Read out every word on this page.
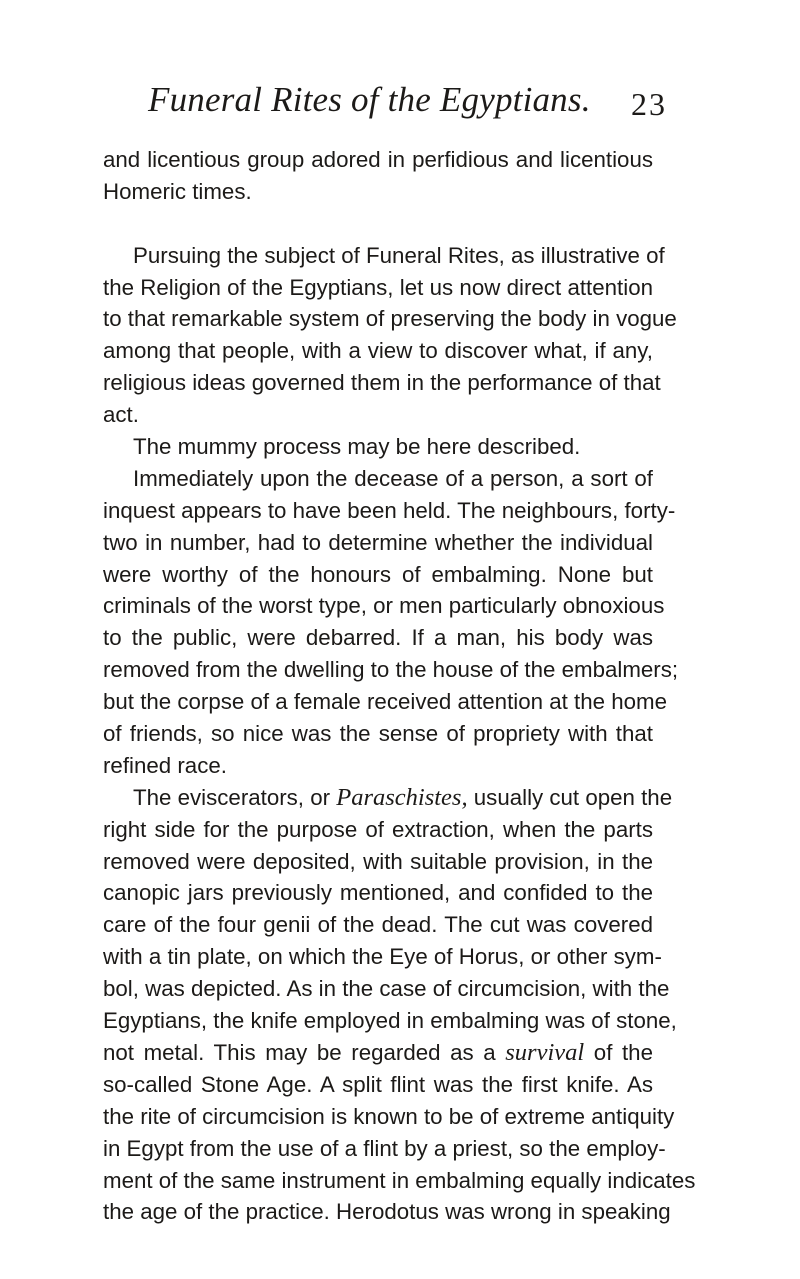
Funeral Rites of the Egyptians. 23
and licentious group adored in perfidious and licentious
Homeric times.
Pursuing the subject of Funeral Rites, as illustrative of
the Religion of the Egyptians, let us now direct attention
to that remarkable system of preserving the body in vogue
among that people, with a view to discover what, if any,
religious ideas governed them in the performance of that
act.
The mummy process may be here described.
Immediately upon the decease of a person, a sort of
inquest appears to have been held. The neighbours, forty-
two in number, had to determine whether the individual
were worthy of the honours of embalming. None but
criminals of the worst type, or men particularly obnoxious
to the public, were debarred. If a man, his body was
removed from the dwelling to the house of the embalmers;
but the corpse of a female received attention at the home
of friends, so nice was the sense of propriety with that
refined race.
The eviscerators, or Paraschistes, usually cut open the
right side for the purpose of extraction, when the parts
removed were deposited, with suitable provision, in the
canopic jars previously mentioned, and confided to the
care of the four genii of the dead. The cut was covered
with a tin plate, on which the Eye of Horus, or other sym-
bol, was depicted. As in the case of circumcision, with the
Egyptians, the knife employed in embalming was of stone,
not metal. This may be regarded as a survival of the
so-called Stone Age. A split flint was the first knife. As
the rite of circumcision is known to be of extreme antiquity
in Egypt from the use of a flint by a priest, so the employ-
ment of the same instrument in embalming equally indicates
the age of the practice. Herodotus was wrong in speaking
